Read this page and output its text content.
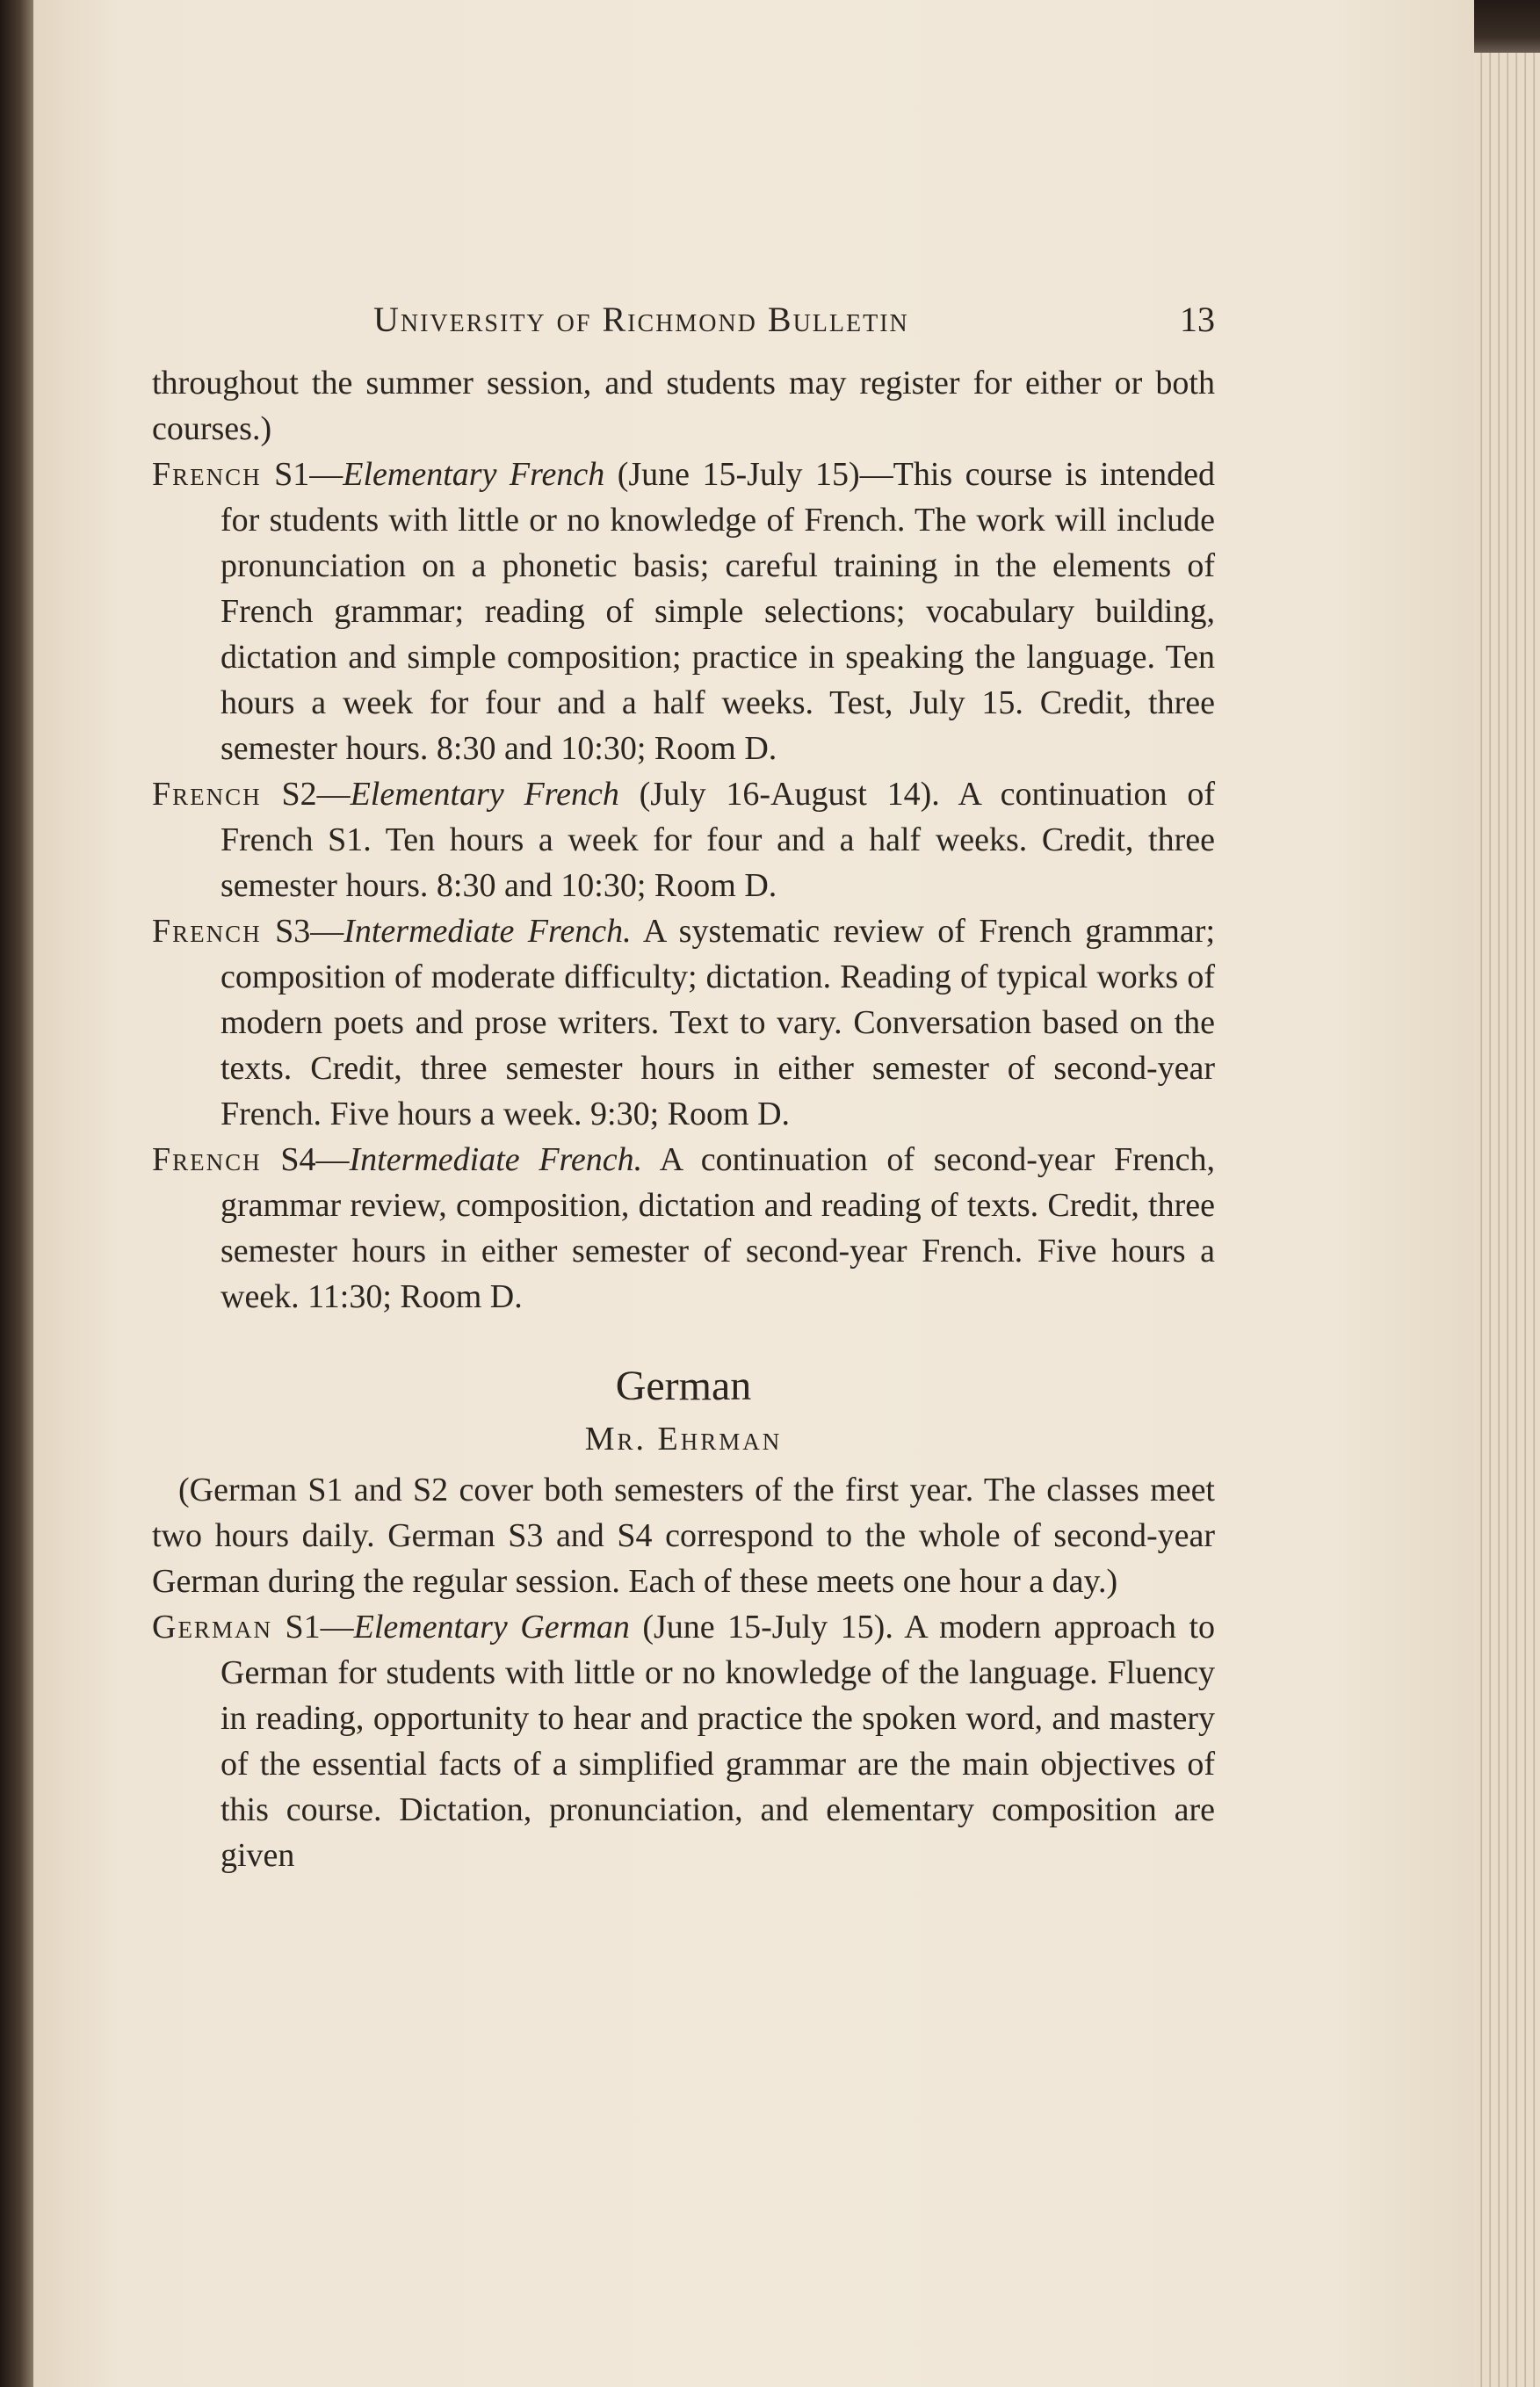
University of Richmond Bulletin	13

throughout the summer session, and students may register for either or both courses.)

French S1—Elementary French (June 15-July 15)—This course is intended for students with little or no knowledge of French. The work will include pronunciation on a phonetic basis; careful training in the elements of French grammar; reading of simple selections; vocabulary building, dictation and simple composition; practice in speaking the language. Ten hours a week for four and a half weeks. Test, July 15. Credit, three semester hours. 8:30 and 10:30; Room D.

French S2—Elementary French (July 16-August 14). A continuation of French S1. Ten hours a week for four and a half weeks. Credit, three semester hours. 8:30 and 10:30; Room D.

French S3—Intermediate French. A systematic review of French grammar; composition of moderate difficulty; dictation. Reading of typical works of modern poets and prose writers. Text to vary. Conversation based on the texts. Credit, three semester hours in either semester of second-year French. Five hours a week. 9:30; Room D.

French S4—Intermediate French. A continuation of second-year French, grammar review, composition, dictation and reading of texts. Credit, three semester hours in either semester of second-year French. Five hours a week. 11:30; Room D.

German
Mr. Ehrman

(German S1 and S2 cover both semesters of the first year. The classes meet two hours daily. German S3 and S4 correspond to the whole of second-year German during the regular session. Each of these meets one hour a day.)

German S1—Elementary German (June 15-July 15). A modern approach to German for students with little or no knowledge of the language. Fluency in reading, opportunity to hear and practice the spoken word, and mastery of the essential facts of a simplified grammar are the main objectives of this course. Dictation, pronunciation, and elementary composition are given
